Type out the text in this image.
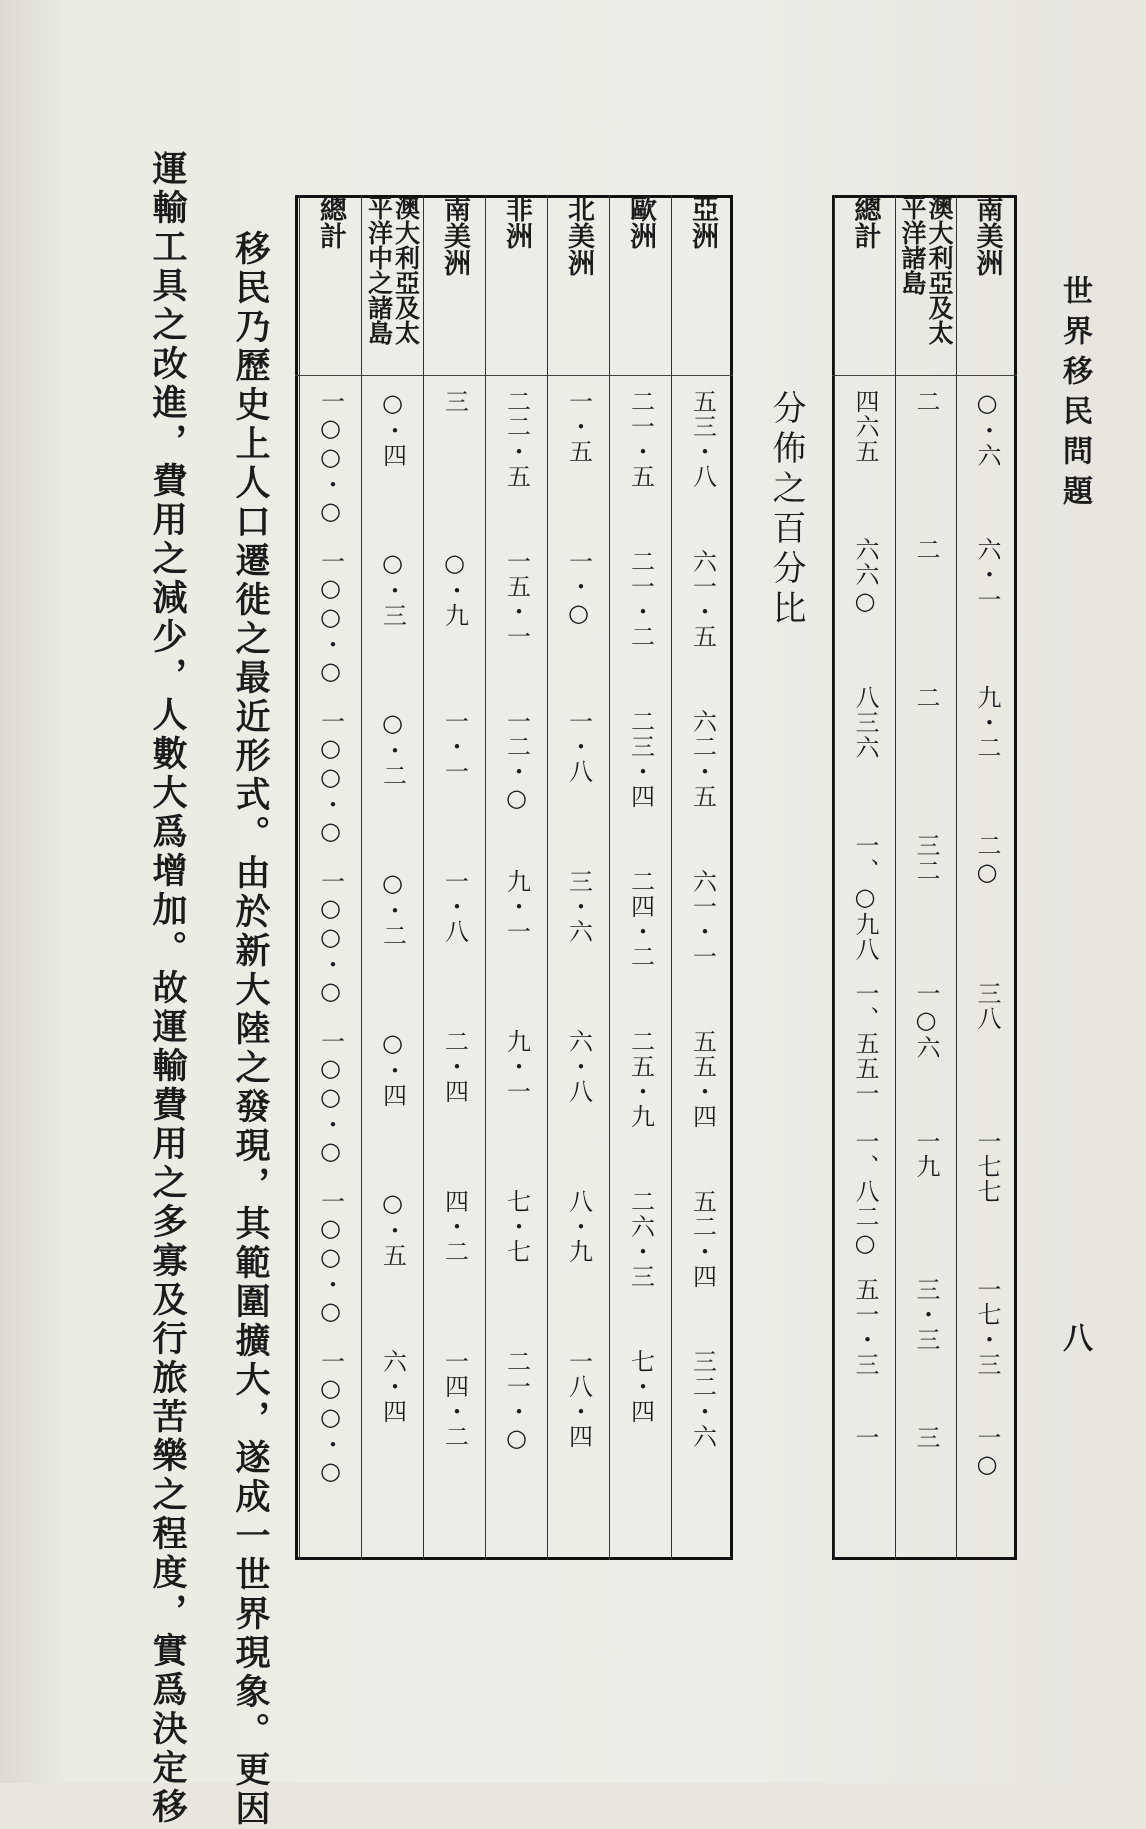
世界移民問題
八
南美洲
○・六
六・一
九・二
二○
三八
一七七
一七・三
一○
澳大利亞及太平洋諸島
二
二
二
三二
一○六
一九
三・三
三
總計
四六五
六六○
八三六
一、○九八
一、五五一
一、八二○
五一・三
一
分佈之百分比
亞洲
五三・八
六一・五
六二・五
六一・一
五五・四
五二・四
三二・六
歐洲
二一・五
二一・二
二三・四
二四・二
二五・九
二六・三
七・四
北美洲
一・五
一・○
一・八
三・六
六・八
八・九
一八・四
非洲
二二・五
一五・一
一二・○
九・一
九・一
七・七
二一・○
南美洲
三
○・九
一・一
一・八
二・四
四・二
一四・二
澳大利亞及太平洋中之諸島
○・四
○・三
○・二
○・二
○・四
○・五
六・四
總計
一○○・○
一○○・○
一○○・○
一○○・○
一○○・○
一○○・○
一○○・○
移民乃歷史上人口遷徙之最近形式。由於新大陸之發現，其範圍擴大，遂成一世界現象。更因
運輸工具之改進，費用之減少，人數大爲增加。故運輸費用之多寡及行旅苦樂之程度，實爲決定移
